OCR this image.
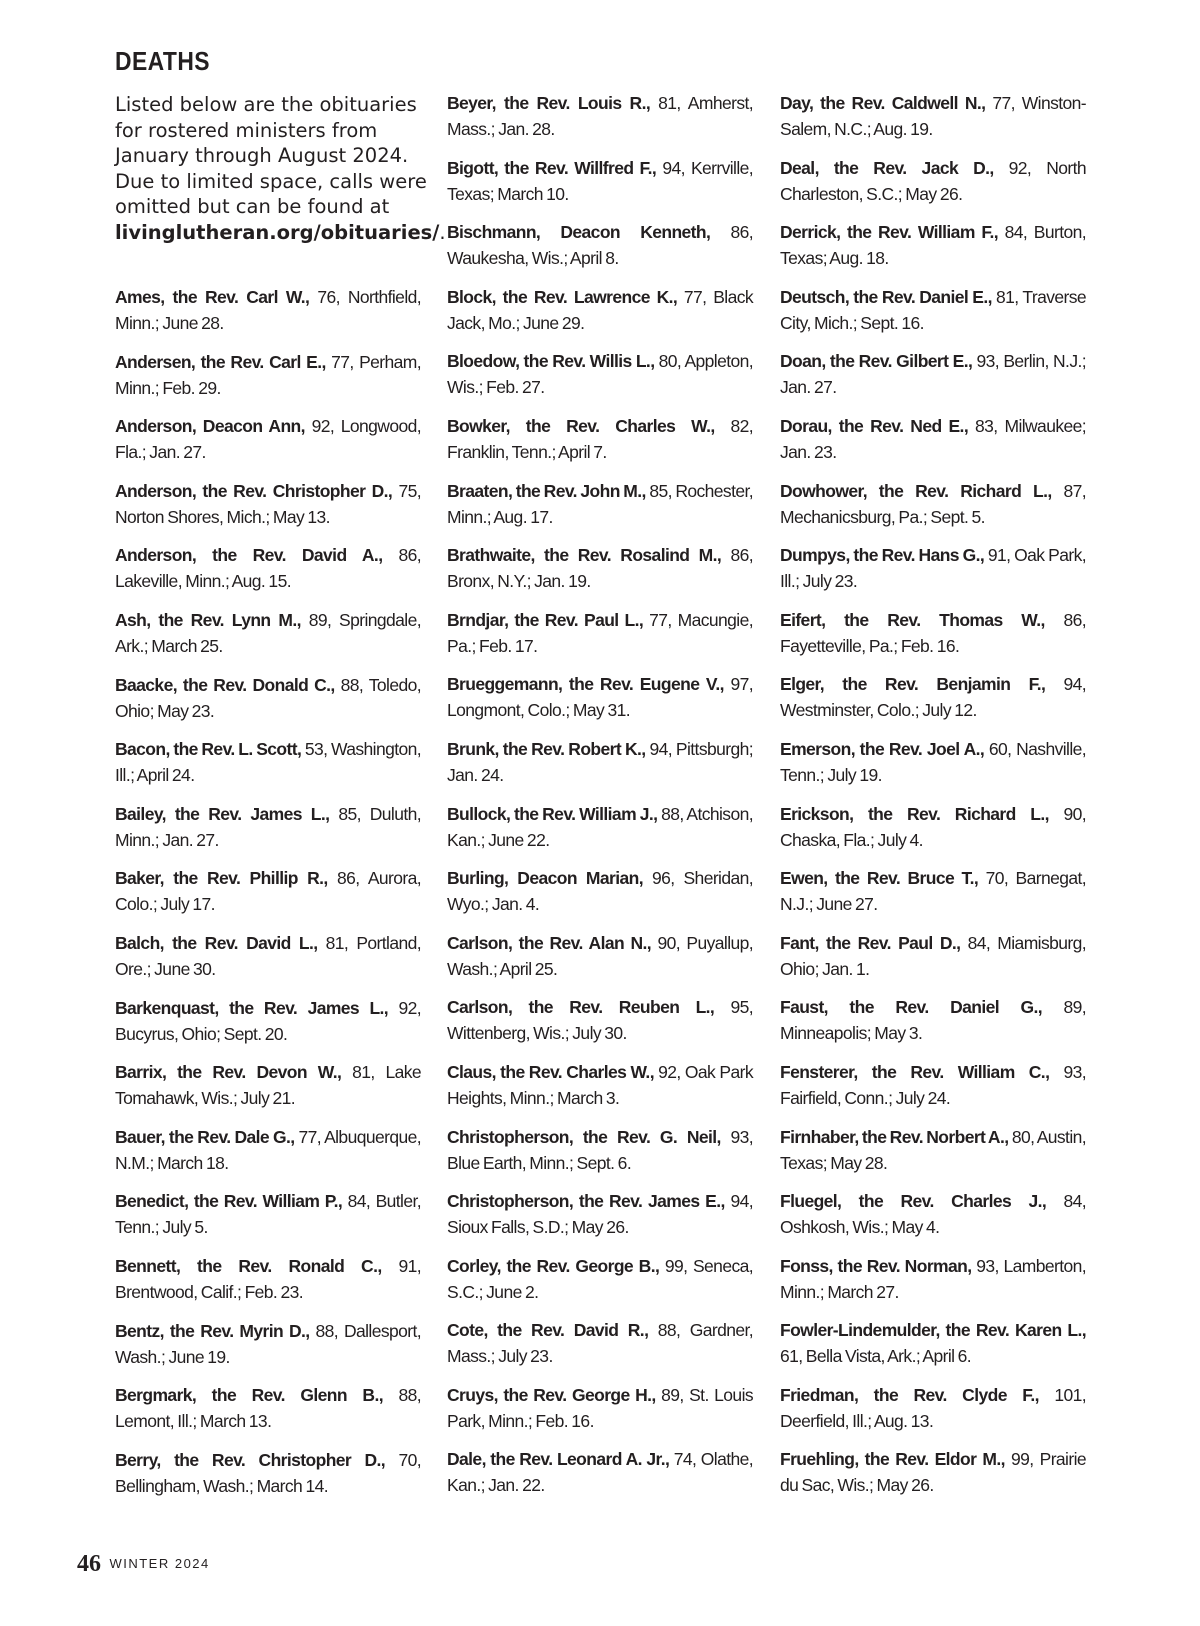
DEATHS

Listed below are the obituaries for rostered ministers from January through August 2024. Due to limited space, calls were omitted but can be found at livinglutheran.org/obituaries/.

Ames, the Rev. Carl W., 76, Northfield, Minn.; June 28.
Andersen, the Rev. Carl E., 77, Perham, Minn.; Feb. 29.
Anderson, Deacon Ann, 92, Longwood, Fla.; Jan. 27.
Anderson, the Rev. Christopher D., 75, Norton Shores, Mich.; May 13.
Anderson, the Rev. David A., 86, Lakeville, Minn.; Aug. 15.
Ash, the Rev. Lynn M., 89, Springdale, Ark.; March 25.
Baacke, the Rev. Donald C., 88, Toledo, Ohio; May 23.
Bacon, the Rev. L. Scott, 53, Washington, Ill.; April 24.
Bailey, the Rev. James L., 85, Duluth, Minn.; Jan. 27.
Baker, the Rev. Phillip R., 86, Aurora, Colo.; July 17.
Balch, the Rev. David L., 81, Portland, Ore.; June 30.
Barkenquast, the Rev. James L., 92, Bucyrus, Ohio; Sept. 20.
Barrix, the Rev. Devon W., 81, Lake Tomahawk, Wis.; July 21.
Bauer, the Rev. Dale G., 77, Albuquerque, N.M.; March 18.
Benedict, the Rev. William P., 84, Butler, Tenn.; July 5.
Bennett, the Rev. Ronald C., 91, Brentwood, Calif.; Feb. 23.
Bentz, the Rev. Myrin D., 88, Dallesport, Wash.; June 19.
Bergmark, the Rev. Glenn B., 88, Lemont, Ill.; March 13.
Berry, the Rev. Christopher D., 70, Bellingham, Wash.; March 14.
Beyer, the Rev. Louis R., 81, Amherst, Mass.; Jan. 28.
Bigott, the Rev. Willfred F., 94, Kerrville, Texas; March 10.
Bischmann, Deacon Kenneth, 86, Waukesha, Wis.; April 8.
Block, the Rev. Lawrence K., 77, Black Jack, Mo.; June 29.
Bloedow, the Rev. Willis L., 80, Appleton, Wis.; Feb. 27.
Bowker, the Rev. Charles W., 82, Franklin, Tenn.; April 7.
Braaten, the Rev. John M., 85, Rochester, Minn.; Aug. 17.
Brathwaite, the Rev. Rosalind M., 86, Bronx, N.Y.; Jan. 19.
Brndjar, the Rev. Paul L., 77, Macungie, Pa.; Feb. 17.
Brueggemann, the Rev. Eugene V., 97, Longmont, Colo.; May 31.
Brunk, the Rev. Robert K., 94, Pittsburgh; Jan. 24.
Bullock, the Rev. William J., 88, Atchison, Kan.; June 22.
Burling, Deacon Marian, 96, Sheridan, Wyo.; Jan. 4.
Carlson, the Rev. Alan N., 90, Puyallup, Wash.; April 25.
Carlson, the Rev. Reuben L., 95, Wittenberg, Wis.; July 30.
Claus, the Rev. Charles W., 92, Oak Park Heights, Minn.; March 3.
Christopherson, the Rev. G. Neil, 93, Blue Earth, Minn.; Sept. 6.
Christopherson, the Rev. James E., 94, Sioux Falls, S.D.; May 26.
Corley, the Rev. George B., 99, Seneca, S.C.; June 2.
Cote, the Rev. David R., 88, Gardner, Mass.; July 23.
Cruys, the Rev. George H., 89, St. Louis Park, Minn.; Feb. 16.
Dale, the Rev. Leonard A. Jr., 74, Olathe, Kan.; Jan. 22.
Day, the Rev. Caldwell N., 77, Winston-Salem, N.C.; Aug. 19.
Deal, the Rev. Jack D., 92, North Charleston, S.C.; May 26.
Derrick, the Rev. William F., 84, Burton, Texas; Aug. 18.
Deutsch, the Rev. Daniel E., 81, Traverse City, Mich.; Sept. 16.
Doan, the Rev. Gilbert E., 93, Berlin, N.J.; Jan. 27.
Dorau, the Rev. Ned E., 83, Milwaukee; Jan. 23.
Dowhower, the Rev. Richard L., 87, Mechanicsburg, Pa.; Sept. 5.
Dumpys, the Rev. Hans G., 91, Oak Park, Ill.; July 23.
Eifert, the Rev. Thomas W., 86, Fayetteville, Pa.; Feb. 16.
Elger, the Rev. Benjamin F., 94, Westminster, Colo.; July 12.
Emerson, the Rev. Joel A., 60, Nashville, Tenn.; July 19.
Erickson, the Rev. Richard L., 90, Chaska, Fla.; July 4.
Ewen, the Rev. Bruce T., 70, Barnegat, N.J.; June 27.
Fant, the Rev. Paul D., 84, Miamisburg, Ohio; Jan. 1.
Faust, the Rev. Daniel G., 89, Minneapolis; May 3.
Fensterer, the Rev. William C., 93, Fairfield, Conn.; July 24.
Firnhaber, the Rev. Norbert A., 80, Austin, Texas; May 28.
Fluegel, the Rev. Charles J., 84, Oshkosh, Wis.; May 4.
Fonss, the Rev. Norman, 93, Lamberton, Minn.; March 27.
Fowler-Lindemulder, the Rev. Karen L., 61, Bella Vista, Ark.; April 6.
Friedman, the Rev. Clyde F., 101, Deerfield, Ill.; Aug. 13.
Fruehling, the Rev. Eldor M., 99, Prairie du Sac, Wis.; May 26.
46 WINTER 2024
